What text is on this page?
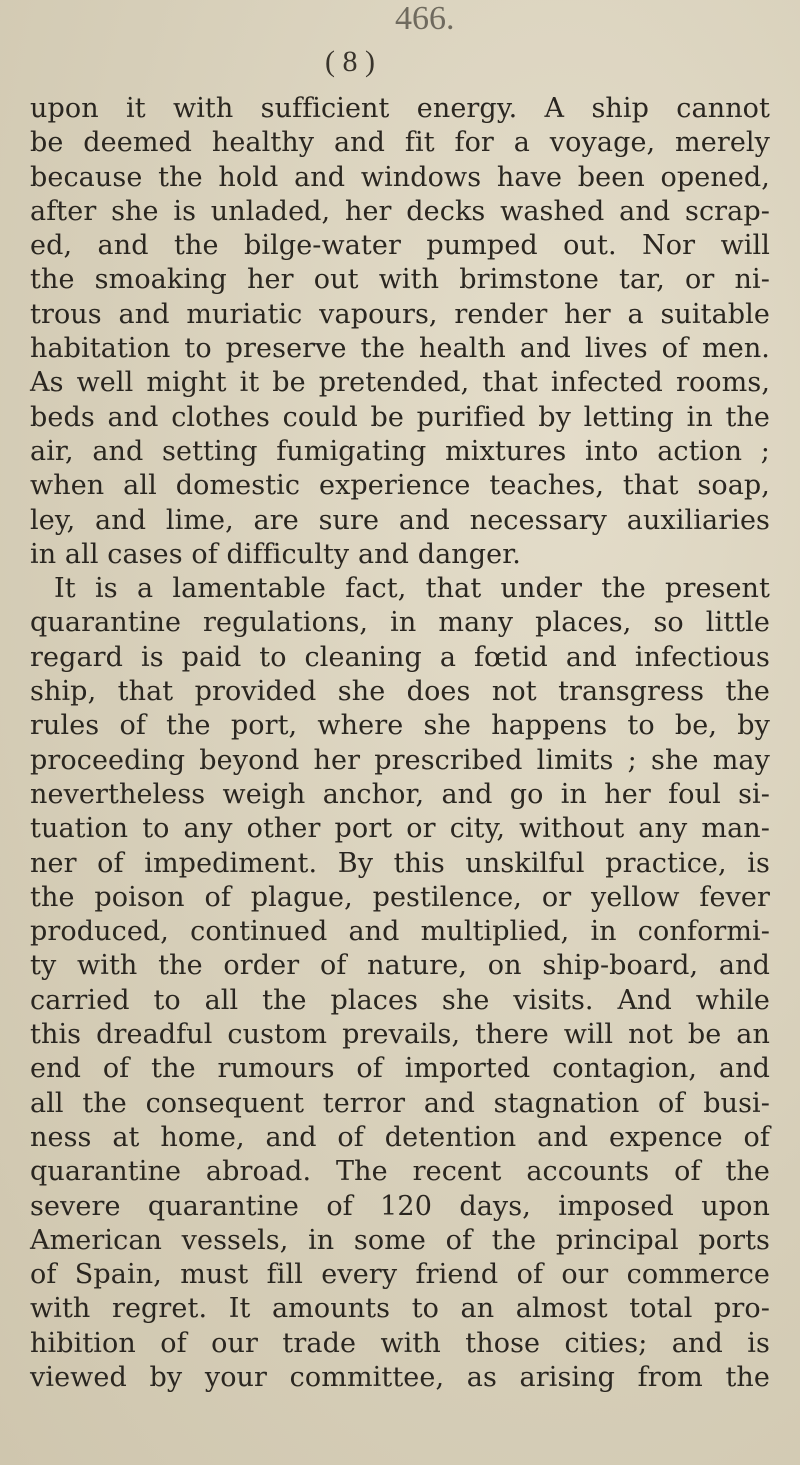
466.
( 8 )
upon it with sufficient energy. A ship cannot
be deemed healthy and fit for a voyage, merely
because the hold and windows have been opened,
after she is unladed, her decks washed and scrap-
ed, and the bilge-water pumped out. Nor will
the smoaking her out with brimstone tar, or ni-
trous and muriatic vapours, render her a suitable
habitation to preserve the health and lives of men.
As well might it be pretended, that infected rooms,
beds and clothes could be purified by letting in the
air, and setting fumigating mixtures into action ;
when all domestic experience teaches, that soap,
ley, and lime, are sure and necessary auxiliaries
in all cases of difficulty and danger.
It is a lamentable fact, that under the present
quarantine regulations, in many places, so little
regard is paid to cleaning a fœtid and infectious
ship, that provided she does not transgress the
rules of the port, where she happens to be, by
proceeding beyond her prescribed limits ; she may
nevertheless weigh anchor, and go in her foul si-
tuation to any other port or city, without any man-
ner of impediment. By this unskilful practice, is
the poison of plague, pestilence, or yellow fever
produced, continued and multiplied, in conformi-
ty with the order of nature, on ship-board, and
carried to all the places she visits. And while
this dreadful custom prevails, there will not be an
end of the rumours of imported contagion, and
all the consequent terror and stagnation of busi-
ness at home, and of detention and expence of
quarantine abroad. The recent accounts of the
severe quarantine of 120 days, imposed upon
American vessels, in some of the principal ports
of Spain, must fill every friend of our commerce
with regret. It amounts to an almost total pro-
hibition of our trade with those cities; and is
viewed by your committee, as arising from the
